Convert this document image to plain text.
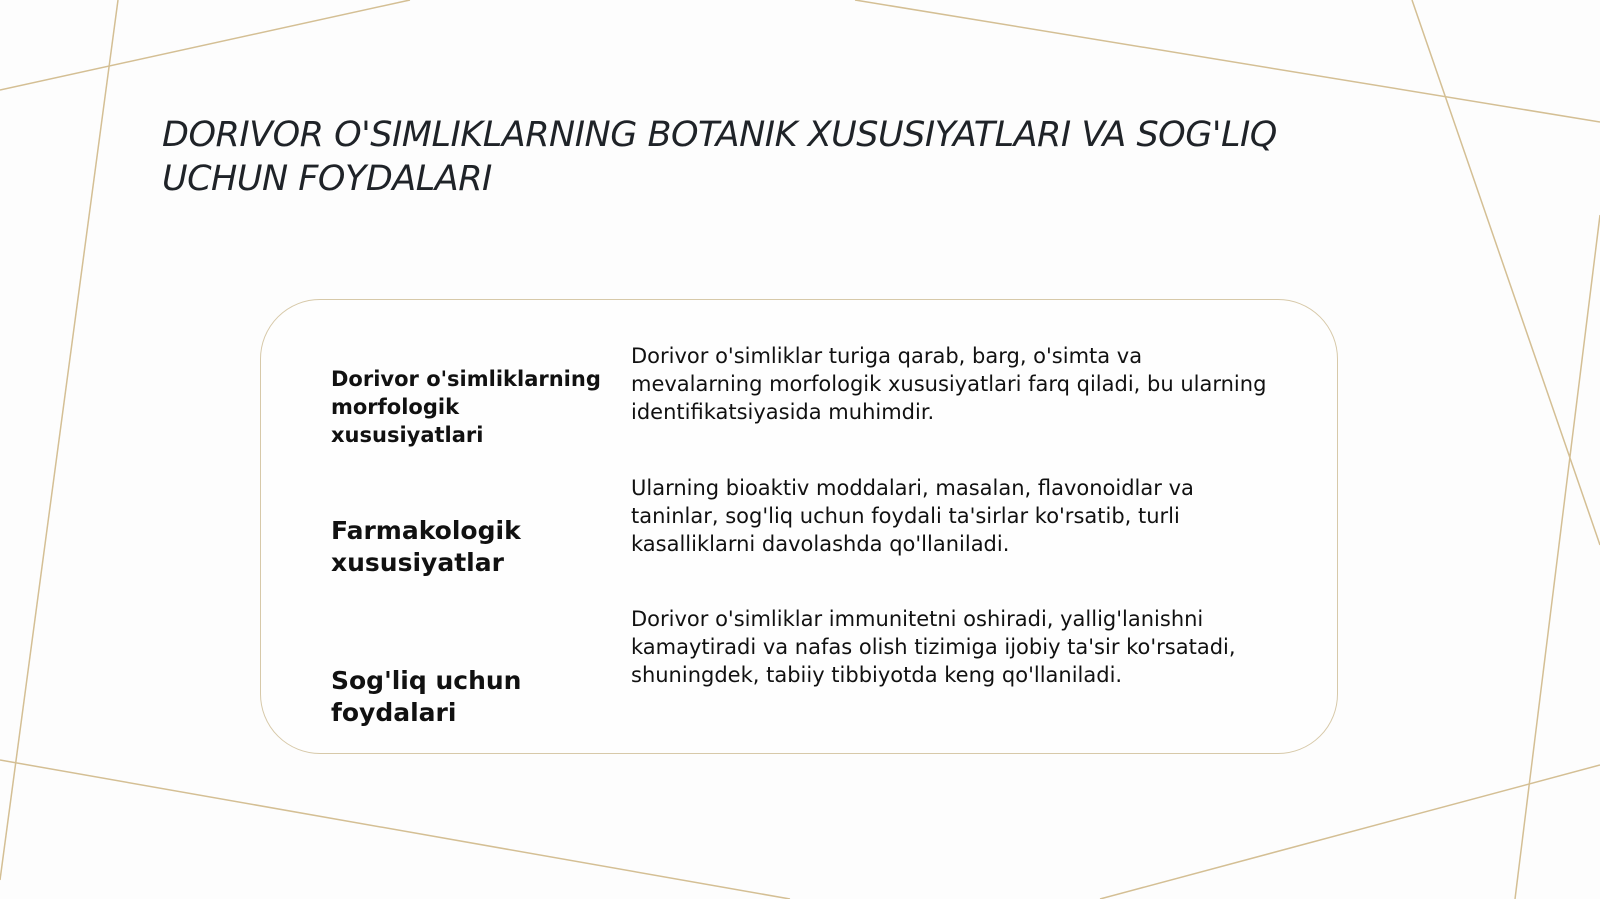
DORIVOR O'SIMLIKLARNING BOTANIK XUSUSIYATLARI VA SOG'LIQ UCHUN FOYDALARI

Dorivor o'simliklarning morfologik xususiyatlari

Dorivor o'simliklar turiga qarab, barg, o'simta va mevalarning morfologik xususiyatlari farq qiladi, bu ularning identifikatsiyasida muhimdir.

Farmakologik xususiyatlar

Ularning bioaktiv moddalari, masalan, flavonoidlar va taninlar, sog'liq uchun foydali ta'sirlar ko'rsatib, turli kasalliklarni davolashda qo'llaniladi.

Sog'liq uchun foydalari

Dorivor o'simliklar immunitetni oshiradi, yallig'lanishni kamaytiradi va nafas olish tizimiga ijobiy ta'sir ko'rsatadi, shuningdek, tabiiy tibbiyotda keng qo'llaniladi.
